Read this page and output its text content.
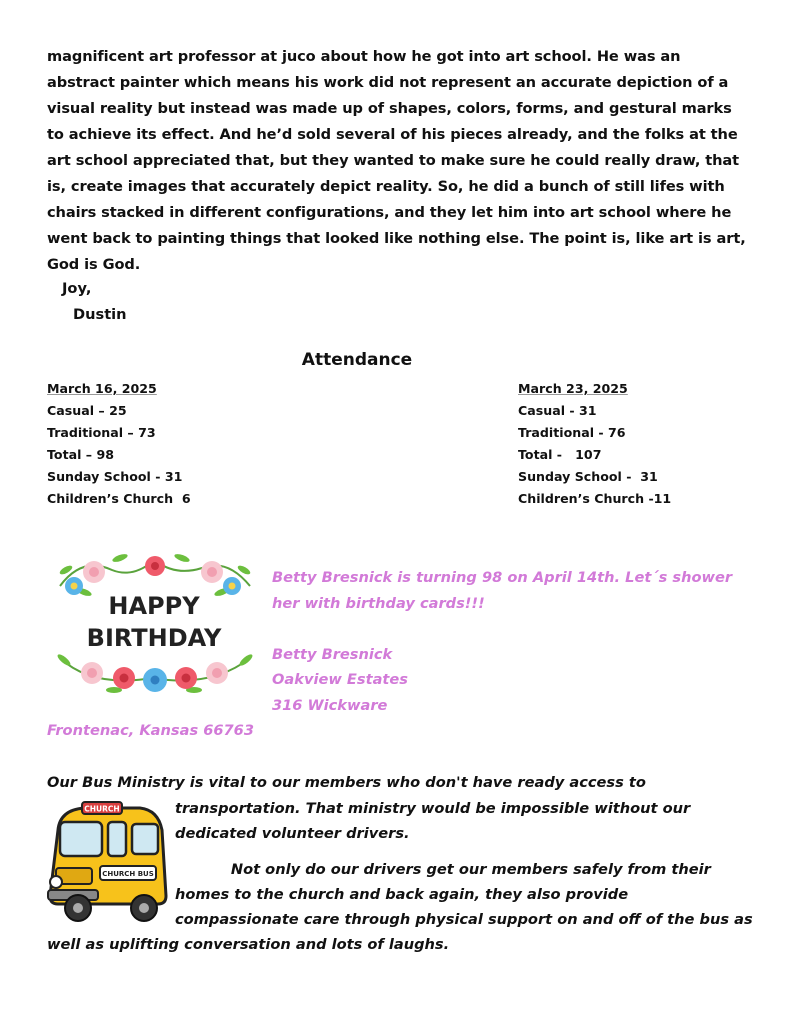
magnificent art professor at juco about how he got into art school. He was an abstract painter which means his work did not represent an accurate depiction of a visual reality but instead was made up of shapes, colors, forms, and gestural marks to achieve its effect. And he’d sold several of his pieces already, and the folks at the art school appreciated that, but they wanted to make sure he could really draw, that is, create images that accurately depict reality. So, he did a bunch of still lifes with chairs stacked in different configurations, and they let him into art school where he went back to painting things that looked like nothing else. The point is, like art is art, God is God.

Joy,
Dustin
Attendance
March 16, 2025
Casual – 25
Traditional – 73
Total – 98
Sunday School - 31
Children’s Church  6
March 23, 2025
Casual - 31
Traditional - 76
Total -   107
Sunday School -  31
Children’s Church -11
HAPPY
BIRTHDAY
Betty Bresnick is turning 98 on April 14th. Let´s shower
her with birthday cards!!!
Betty Bresnick
Oakview Estates
316 Wickware
Frontenac, Kansas 66763
Our Bus Ministry is vital to our members who don't have ready access to
transportation. That ministry would be impossible without our
dedicated volunteer drivers.
Not only do our drivers get our members safely from their
homes to the church and back again, they also provide
compassionate care through physical support on and off of the bus as
well as uplifting conversation and lots of laughs.
CHURCH
CHURCH BUS
